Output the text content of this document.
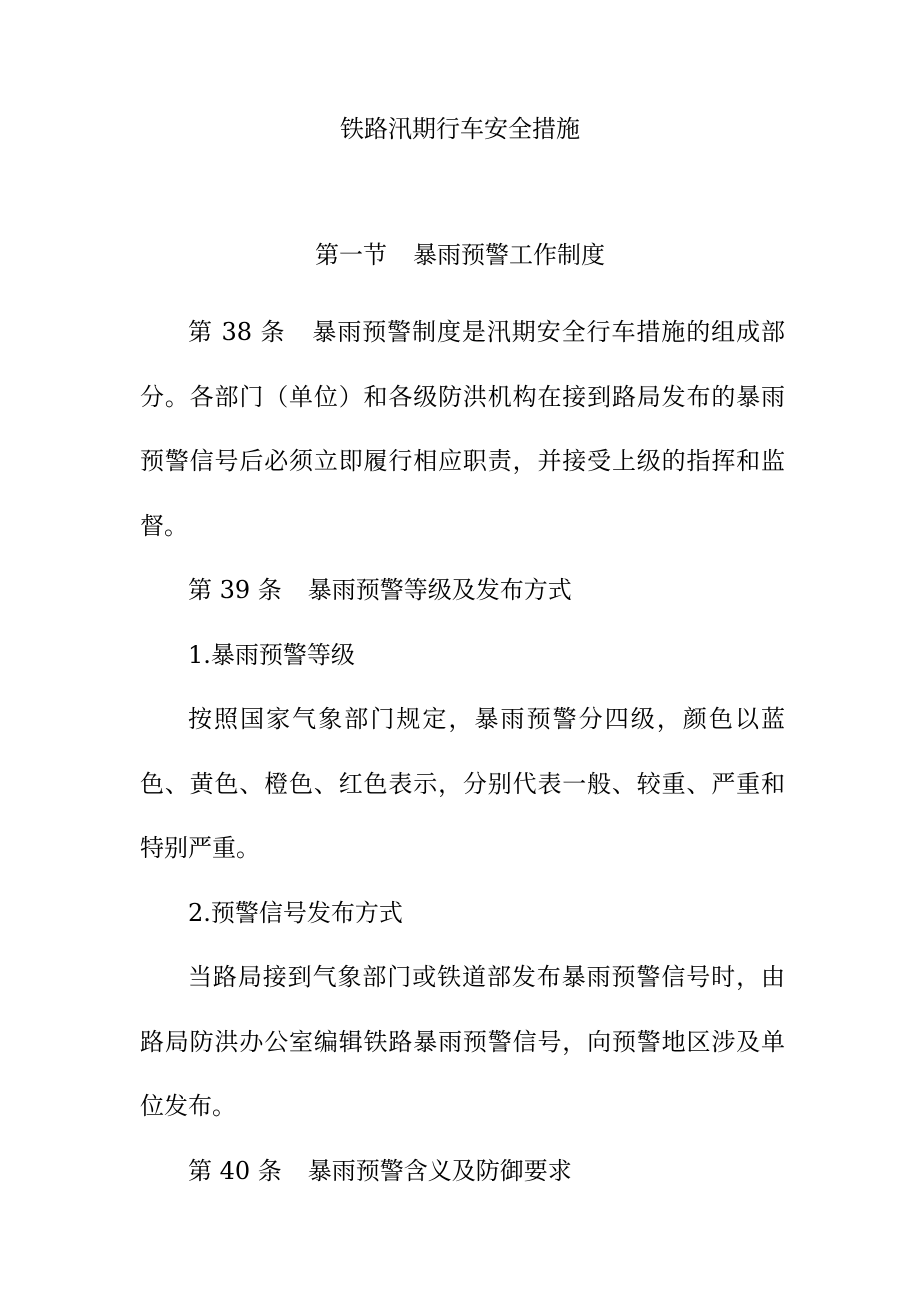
铁路汛期行车安全措施
第一节 暴雨预警工作制度

第 38 条 暴雨预警制度是汛期安全行车措施的组成部分。各部门（单位）和各级防洪机构在接到路局发布的暴雨预警信号后必须立即履行相应职责，并接受上级的指挥和监督。

第 39 条 暴雨预警等级及发布方式

1.暴雨预警等级

按照国家气象部门规定，暴雨预警分四级，颜色以蓝色、黄色、橙色、红色表示，分别代表一般、较重、严重和特别严重。

2.预警信号发布方式

当路局接到气象部门或铁道部发布暴雨预警信号时，由路局防洪办公室编辑铁路暴雨预警信号，向预警地区涉及单位发布。

第 40 条 暴雨预警含义及防御要求
